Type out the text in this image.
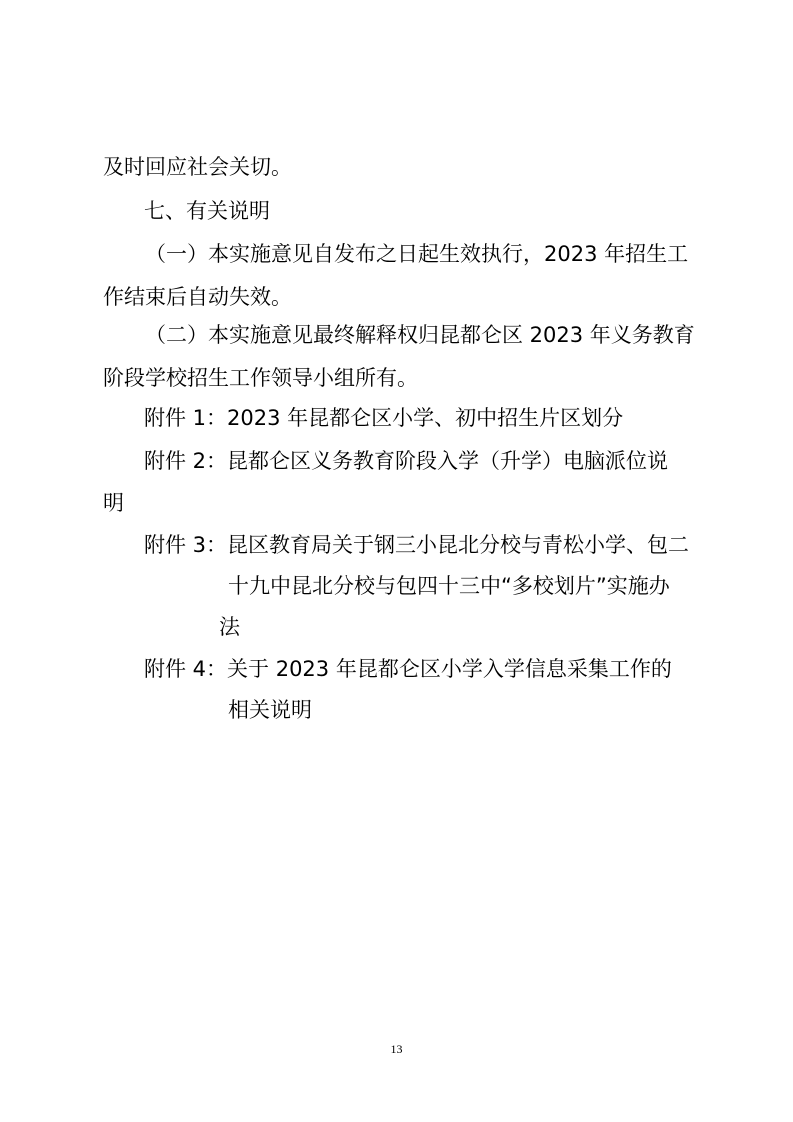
及时回应社会关切。
七、有关说明
（一）本实施意见自发布之日起生效执行，2023 年招生工
作结束后自动失效。
（二）本实施意见最终解释权归昆都仑区 2023 年义务教育
阶段学校招生工作领导小组所有。
附件 1：2023 年昆都仑区小学、初中招生片区划分
附件 2：昆都仑区义务教育阶段入学（升学）电脑派位说
明
附件 3：昆区教育局关于钢三小昆北分校与青松小学、包二
十九中昆北分校与包四十三中“多校划片”实施办
法
附件 4：关于 2023 年昆都仑区小学入学信息采集工作的
相关说明
13
